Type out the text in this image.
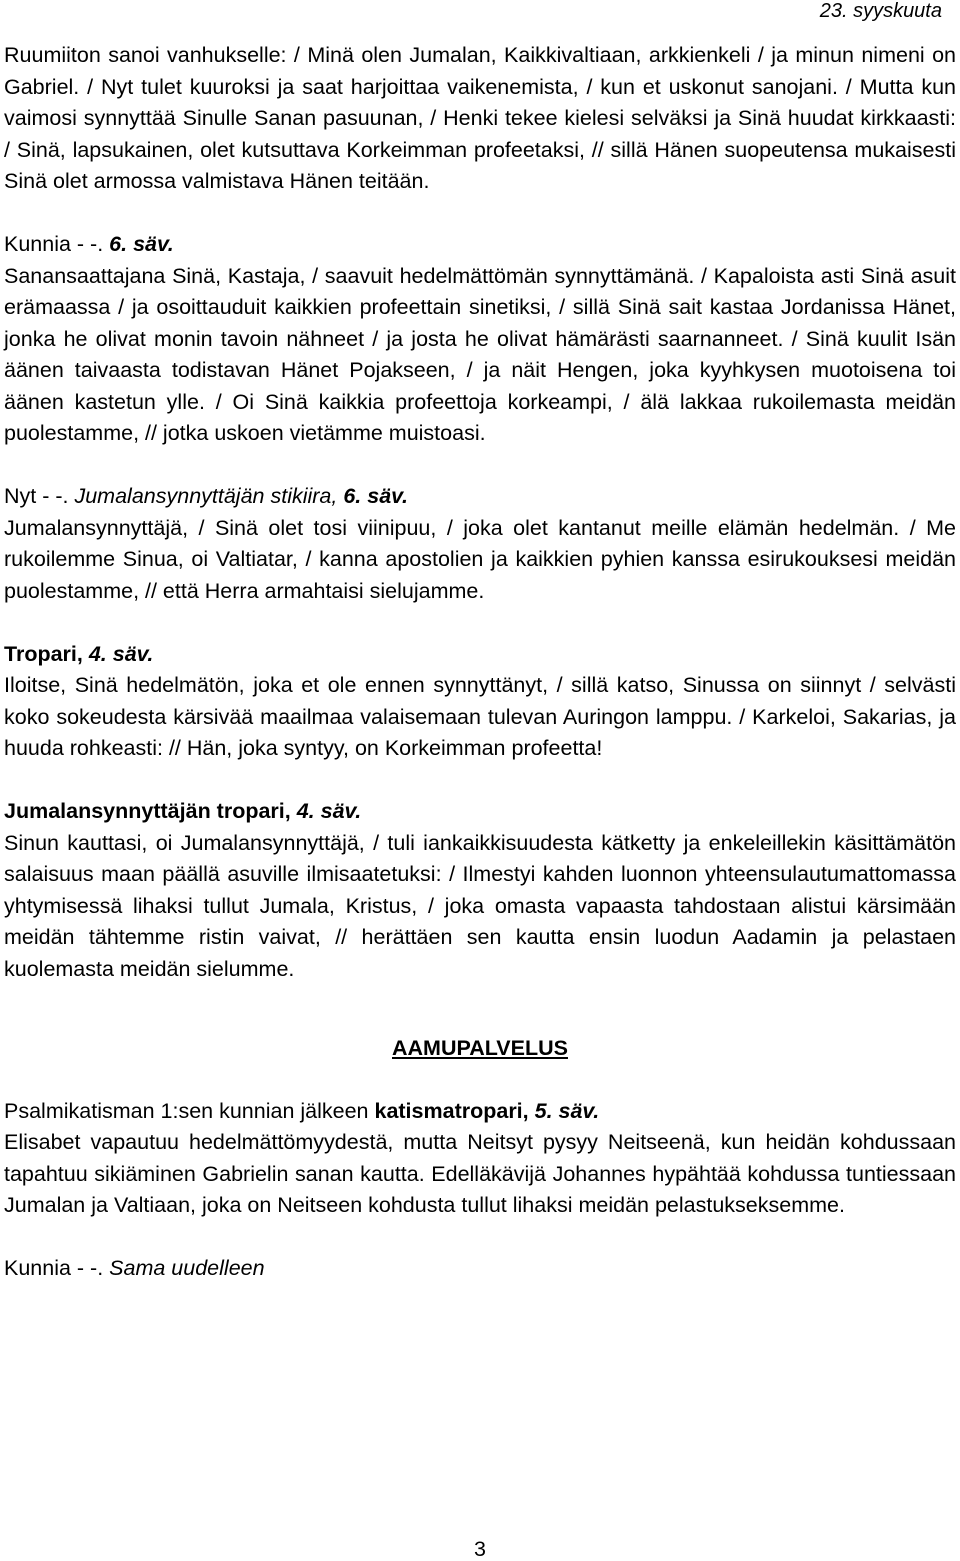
23. syyskuuta

Ruumiiton sanoi vanhukselle: / Minä olen Jumalan, Kaikkivaltiaan, arkkienkeli / ja minun nimeni on Gabriel. / Nyt tulet kuuroksi ja saat harjoittaa vaikenemista, / kun et uskonut sanojani. / Mutta kun vaimosi synnyttää Sinulle Sanan pasuunan, / Henki tekee kielesi selväksi ja Sinä huudat kirkkaasti: / Sinä, lapsukainen, olet kutsuttava Korkeimman profeetaksi, // sillä Hänen suopeutensa mukaisesti Sinä olet armossa valmistava Hänen teitään.

Kunnia - -. 6. säv.

Sanansaattajana Sinä, Kastaja, / saavuit hedelmättömän synnyttämänä. / Kapaloista asti Sinä asuit erämaassa / ja osoittauduit kaikkien profeettain sinetiksi, / sillä Sinä sait kastaa Jordanissa Hänet, jonka he olivat monin tavoin nähneet / ja josta he olivat hämärästi saarnanneet. / Sinä kuulit Isän äänen taivaasta todistavan Hänet Pojakseen, / ja näit Hengen, joka kyyhkysen muotoisena toi äänen kastetun ylle. / Oi Sinä kaikkia profeettoja korkeampi, / älä lakkaa rukoilemasta meidän puolestamme, // jotka uskoen vietämme muistoasi.

Nyt - -. Jumalansynnyttäjän stikiira, 6. säv.

Jumalansynnyttäjä, / Sinä olet tosi viinipuu, / joka olet kantanut meille elämän hedelmän. / Me rukoilemme Sinua, oi Valtiatar, / kanna apostolien ja kaikkien pyhien kanssa esirukouksesi meidän puolestamme, // että Herra armahtaisi sielujamme.

Tropari, 4. säv.

Iloitse, Sinä hedelmätön, joka et ole ennen synnyttänyt, / sillä katso, Sinussa on siinnyt / selvästi koko sokeudesta kärsivää maailmaa valaisemaan tulevan Auringon lamppu. / Karkeloi, Sakarias, ja huuda rohkeasti: // Hän, joka syntyy, on Korkeimman profeetta!

Jumalansynnyttäjän tropari, 4. säv.

Sinun kauttasi, oi Jumalansynnyttäjä, / tuli iankaikkisuudesta kätketty ja enkeleillekin käsittämätön salaisuus maan päällä asuville ilmisaatetuksi: / Ilmestyi kahden luonnon yhteensulautumattomassa yhtymisessä lihaksi tullut Jumala, Kristus, / joka omasta vapaasta tahdostaan alistui kärsimään meidän tähtemme ristin vaivat, // herättäen sen kautta ensin luodun Aadamin ja pelastaen kuolemasta meidän sielumme.

AAMUPALVELUS

Psalmikatisman 1:sen kunnian jälkeen katismatropari, 5. säv.

Elisabet vapautuu hedelmättömyydestä, mutta Neitsyt pysyy Neitseenä, kun heidän kohdussaan tapahtuu sikiäminen Gabrielin sanan kautta. Edelläkävijä Johannes hypähtää kohdussa tuntiessaan Jumalan ja Valtiaan, joka on Neitseen kohdusta tullut lihaksi meidän pelastukseksemme.

Kunnia - -. Sama uudelleen

3
